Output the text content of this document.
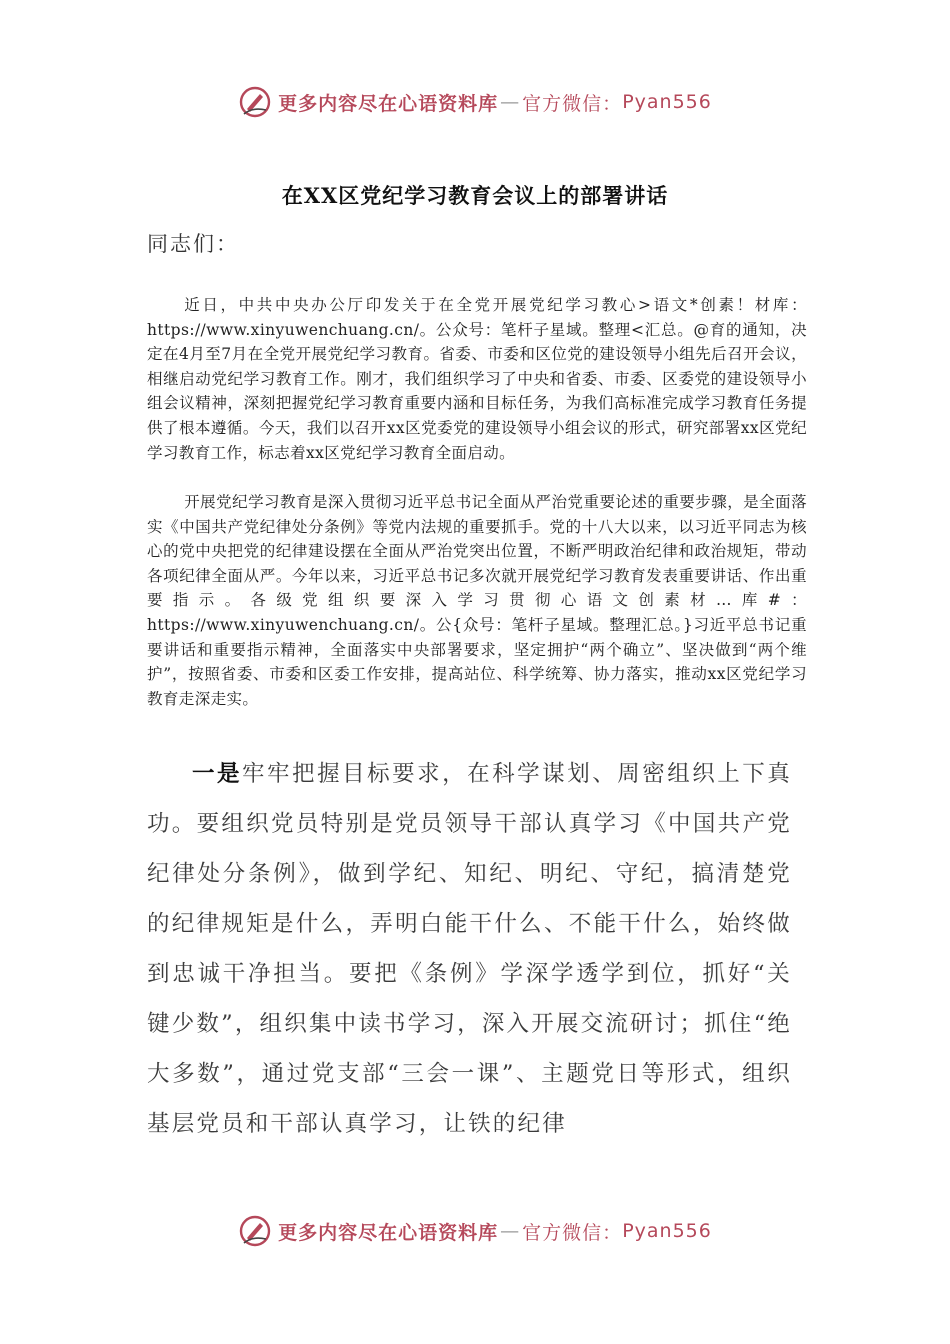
更多内容尽在心语资料库 — 官方微信： Pyan556
在XX区党纪学习教育会议上的部署讲话
同志们：

近日，中共中央办公厅印发关于在全党开展党纪学习教心>语文*创素！材库：https://www.xinyuwenchuang.cn/。公众号：笔杆子星域。整理<汇总。@育的通知，决定在4月至7月在全党开展党纪学习教育。省委、市委和区位党的建设领导小组先后召开会议，相继启动党纪学习教育工作。刚才，我们组织学习了中央和省委、市委、区委党的建设领导小组会议精神，深刻把握党纪学习教育重要内涵和目标任务，为我们高标准完成学习教育任务提供了根本遵循。今天，我们以召开xx区党委党的建设领导小组会议的形式，研究部署xx区党纪学习教育工作，标志着xx区党纪学习教育全面启动。

开展党纪学习教育是深入贯彻习近平总书记全面从严治党重要论述的重要步骤，是全面落实《中国共产党纪律处分条例》等党内法规的重要抓手。党的十八大以来，以习近平同志为核心的党中央把党的纪律建设摆在全面从严治党突出位置，不断严明政治纪律和政治规矩，带动各项纪律全面从严。今年以来，习近平总书记多次就开展党纪学习教育发表重要讲话、作出重要指示。各级党组织要深入学习贯彻心语文创素材…库#：https://www.xinyuwenchuang.cn/。公{众号：笔杆子星域。整理汇总。}习近平总书记重要讲话和重要指示精神，全面落实中央部署要求，坚定拥护“两个确立”、坚决做到“两个维护”，按照省委、市委和区委工作安排，提高站位、科学统筹、协力落实，推动xx区党纪学习教育走深走实。

一是牢牢把握目标要求，在科学谋划、周密组织上下真功。要组织党员特别是党员领导干部认真学习《中国共产党纪律处分条例》，做到学纪、知纪、明纪、守纪，搞清楚党的纪律规矩是什么，弄明白能干什么、不能干什么，始终做到忠诚干净担当。要把《条例》学深学透学到位，抓好“关键少数”，组织集中读书学习，深入开展交流研讨；抓住“绝大多数”，通过党支部“三会一课”、主题党日等形式，组织基层党员和干部认真学习，让铁的纪律

更多内容尽在心语资料库 — 官方微信： Pyan556
